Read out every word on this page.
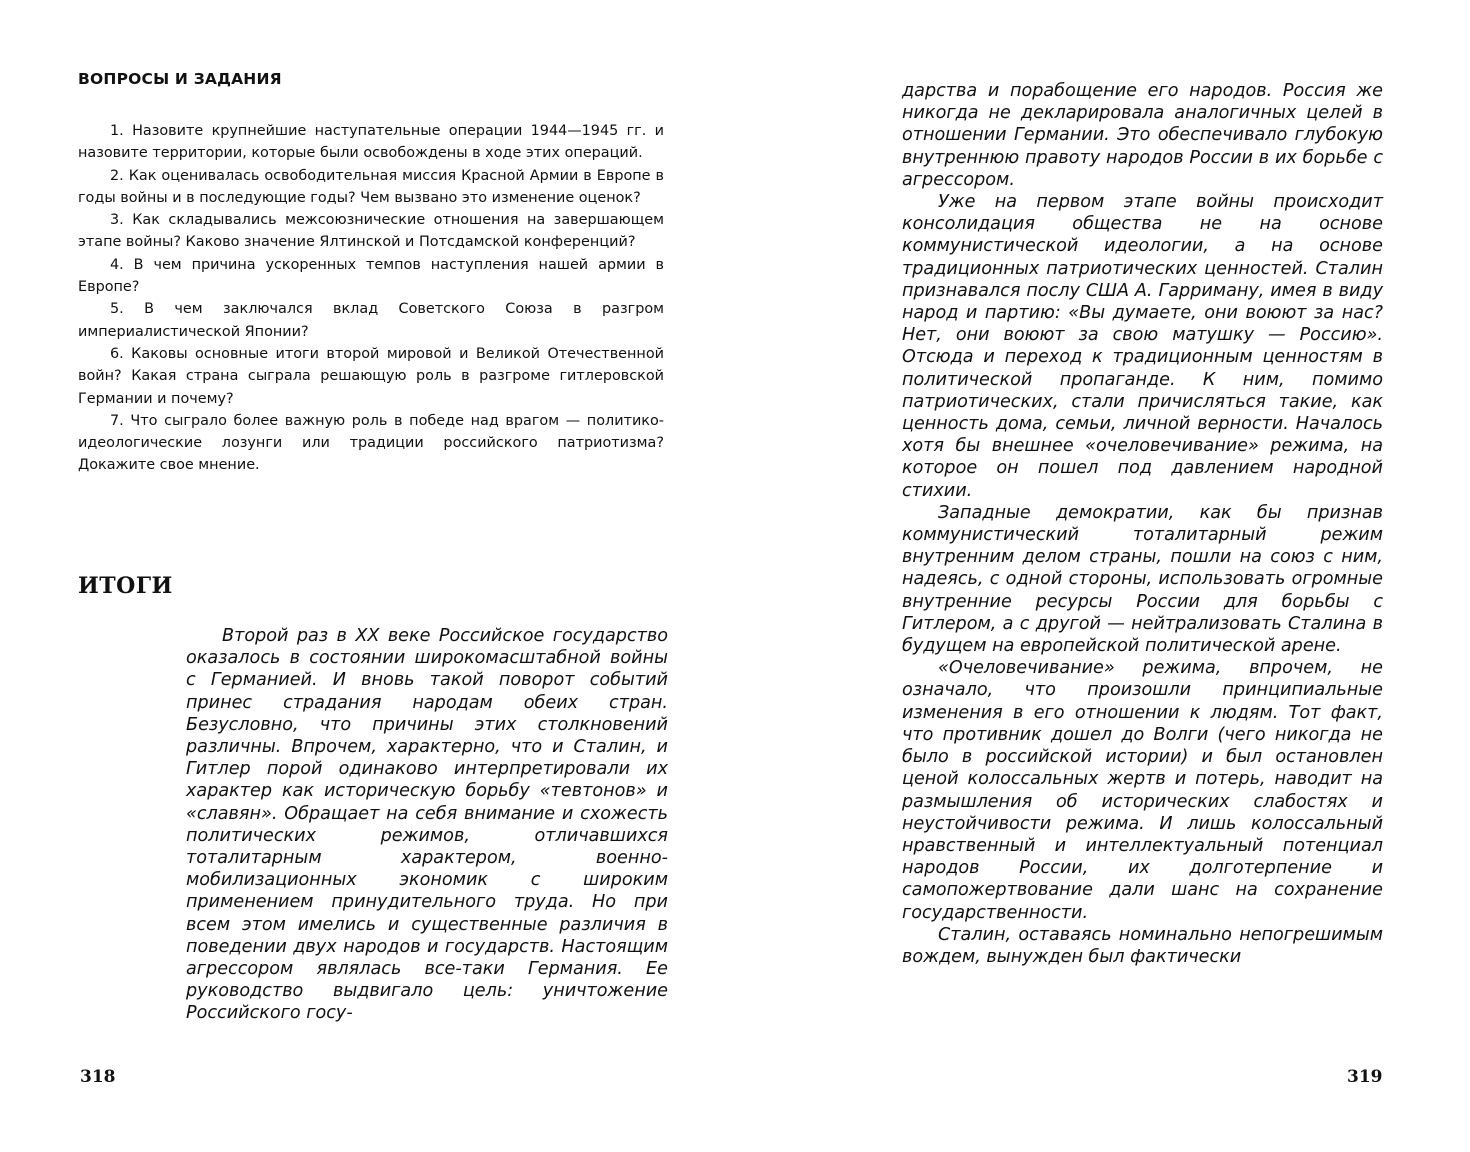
ВОПРОСЫ И ЗАДАНИЯ

1. Назовите крупнейшие наступательные операции 1944—1945 гг. и назовите территории, которые были освобождены в ходе этих операций.

2. Как оценивалась освободительная миссия Красной Армии в Европе в годы войны и в последующие годы? Чем вызвано это изменение оценок?

3. Как складывались межсоюзнические отношения на завершающем этапе войны? Каково значение Ялтинской и Потсдамской конференций?

4. В чем причина ускоренных темпов наступления нашей армии в Европе?

5. В чем заключался вклад Советского Союза в разгром империалистической Японии?

6. Каковы основные итоги второй мировой и Великой Отечественной войн? Какая страна сыграла решающую роль в разгроме гитлеровской Германии и почему?

7. Что сыграло более важную роль в победе над врагом — политико-идеологические лозунги или традиции российского патриотизма? Докажите свое мнение.

ИТОГИ

Второй раз в XX веке Российское государство оказалось в состоянии широкомасштабной войны с Германией. И вновь такой поворот событий принес страдания народам обеих стран. Безусловно, что причины этих столкновений различны. Впрочем, характерно, что и Сталин, и Гитлер порой одинаково интерпретировали их характер как историческую борьбу «тевтонов» и «славян». Обращает на себя внимание и схожесть политических режимов, отличавшихся тоталитарным характером, военно-мобилизационных экономик с широким применением принудительного труда. Но при всем этом имелись и существенные различия в поведении двух народов и государств. Настоящим агрессором являлась все-таки Германия. Ее руководство выдвигало цель: уничтожение Российского госу-

318

дарства и порабощение его народов. Россия же никогда не декларировала аналогичных целей в отношении Германии. Это обеспечивало глубокую внутреннюю правоту народов России в их борьбе с агрессором.

Уже на первом этапе войны происходит консолидация общества не на основе коммунистической идеологии, а на основе традиционных патриотических ценностей. Сталин признавался послу США А. Гарриману, имея в виду народ и партию: «Вы думаете, они воюют за нас? Нет, они воюют за свою матушку — Россию». Отсюда и переход к традиционным ценностям в политической пропаганде. К ним, помимо патриотических, стали причисляться такие, как ценность дома, семьи, личной верности. Началось хотя бы внешнее «очеловечивание» режима, на которое он пошел под давлением народной стихии.

Западные демократии, как бы признав коммунистический тоталитарный режим внутренним делом страны, пошли на союз с ним, надеясь, с одной стороны, использовать огромные внутренние ресурсы России для борьбы с Гитлером, а с другой — нейтрализовать Сталина в будущем на европейской политической арене.

«Очеловечивание» режима, впрочем, не означало, что произошли принципиальные изменения в его отношении к людям. Тот факт, что противник дошел до Волги (чего никогда не было в российской истории) и был остановлен ценой колоссальных жертв и потерь, наводит на размышления об исторических слабостях и неустойчивости режима. И лишь колоссальный нравственный и интеллектуальный потенциал народов России, их долготерпение и самопожертвование дали шанс на сохранение государственности.

Сталин, оставаясь номинально непогрешимым вождем, вынужден был фактически

319
